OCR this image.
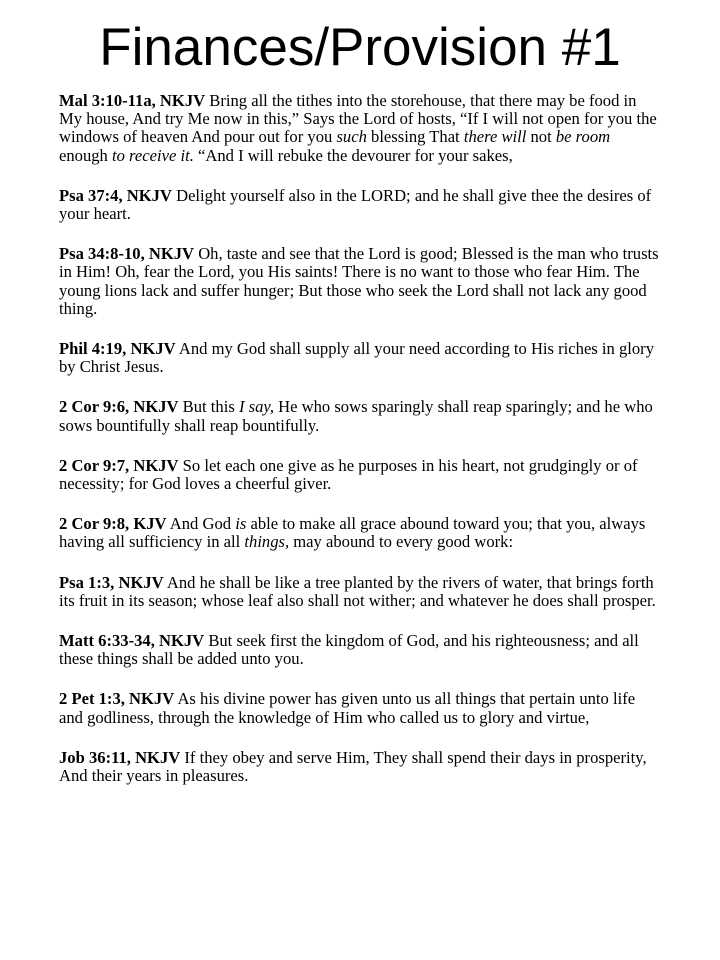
Finances/Provision #1

Mal 3:10-11a, NKJV Bring all the tithes into the storehouse, that there may be food in My house, And try Me now in this,” Says the Lord of hosts, “If I will not open for you the windows of heaven And pour out for you such blessing That there will not be room enough to receive it. “And I will rebuke the devourer for your sakes,

Psa 37:4, NKJV Delight yourself also in the LORD; and he shall give thee the desires of your heart.

Psa 34:8-10, NKJV Oh, taste and see that the Lord is good; Blessed is the man who trusts in Him! Oh, fear the Lord, you His saints! There is no want to those who fear Him. The young lions lack and suffer hunger; But those who seek the Lord shall not lack any good thing.

Phil 4:19, NKJV And my God shall supply all your need according to His riches in glory by Christ Jesus.

2 Cor 9:6, NKJV But this I say, He who sows sparingly shall reap sparingly; and he who sows bountifully shall reap bountifully.

2 Cor 9:7, NKJV So let each one give as he purposes in his heart, not grudgingly or of necessity; for God loves a cheerful giver.

2 Cor 9:8, KJV And God is able to make all grace abound toward you; that you, always having all sufficiency in all things, may abound to every good work:

Psa 1:3, NKJV And he shall be like a tree planted by the rivers of water, that brings forth its fruit in its season; whose leaf also shall not wither; and whatever he does shall prosper.

Matt 6:33-34, NKJV But seek first the kingdom of God, and his righteousness; and all these things shall be added unto you.

2 Pet 1:3, NKJV As his divine power has given unto us all things that pertain unto life and godliness, through the knowledge of Him who called us to glory and virtue,

Job 36:11, NKJV If they obey and serve Him, They shall spend their days in prosperity, And their years in pleasures.
